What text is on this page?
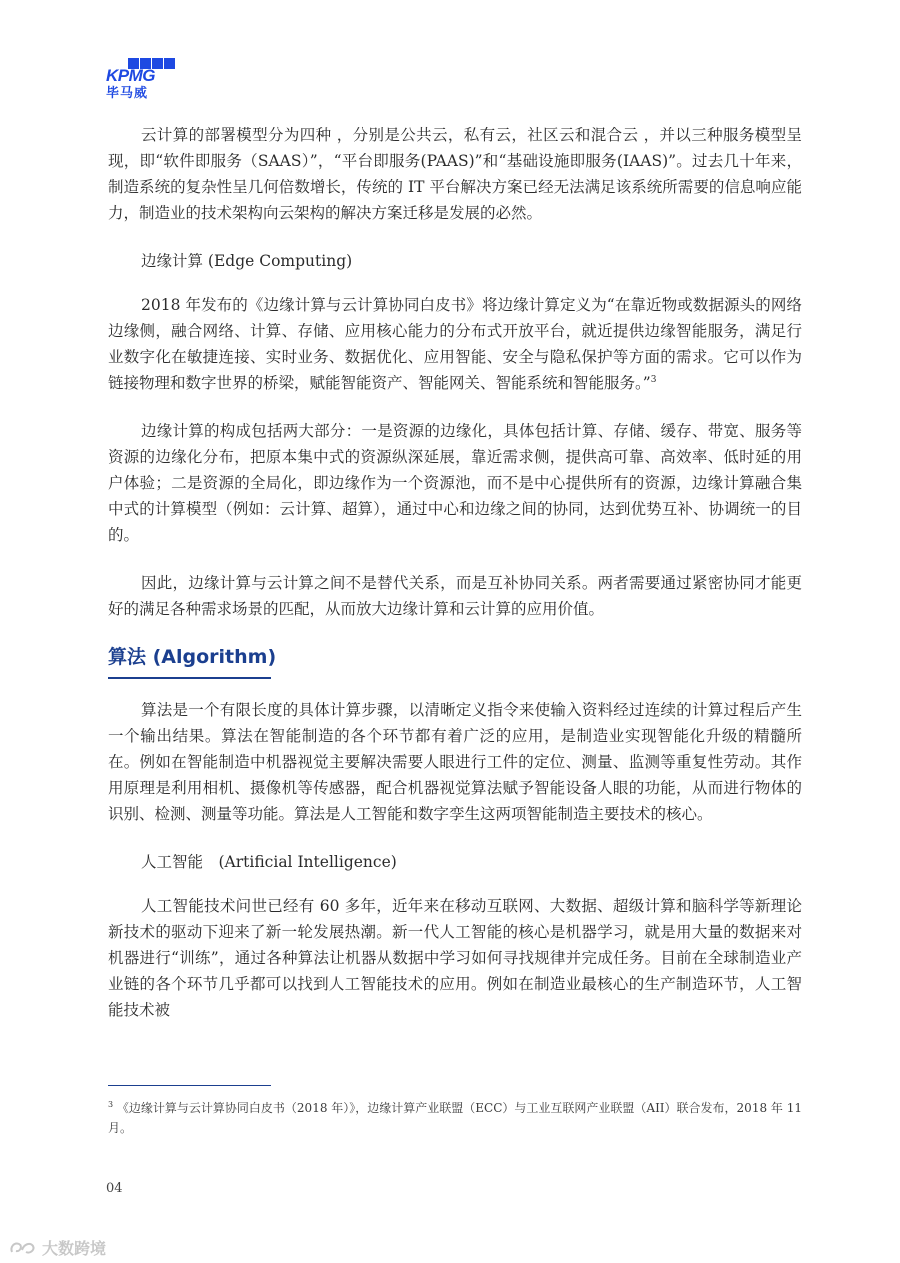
KPMG
毕马威

云计算的部署模型分为四种 ，分别是公共云，私有云，社区云和混合云 ，并以三种服务模型呈现，即“软件即服务（SAAS）”，“平台即服务(PAAS)”和“基础设施即服务(IAAS)”。过去几十年来，制造系统的复杂性呈几何倍数增长，传统的 IT 平台解决方案已经无法满足该系统所需要的信息响应能力，制造业的技术架构向云架构的解决方案迁移是发展的必然。

边缘计算 (Edge Computing)

2018 年发布的《边缘计算与云计算协同白皮书》将边缘计算定义为“在靠近物或数据源头的网络边缘侧，融合网络、计算、存储、应用核心能力的分布式开放平台，就近提供边缘智能服务，满足行业数字化在敏捷连接、实时业务、数据优化、应用智能、安全与隐私保护等方面的需求。它可以作为链接物理和数字世界的桥梁，赋能智能资产、智能网关、智能系统和智能服务。”$^3$

边缘计算的构成包括两大部分：一是资源的边缘化，具体包括计算、存储、缓存、带宽、服务等资源的边缘化分布，把原本集中式的资源纵深延展，靠近需求侧，提供高可靠、高效率、低时延的用户体验；二是资源的全局化，即边缘作为一个资源池，而不是中心提供所有的资源，边缘计算融合集中式的计算模型（例如：云计算、超算），通过中心和边缘之间的协同，达到优势互补、协调统一的目的。

因此，边缘计算与云计算之间不是替代关系，而是互补协同关系。两者需要通过紧密协同才能更好的满足各种需求场景的匹配，从而放大边缘计算和云计算的应用价值。

算法 (Algorithm)

算法是一个有限长度的具体计算步骤，以清晰定义指令来使输入资料经过连续的计算过程后产生一个输出结果。算法在智能制造的各个环节都有着广泛的应用，是制造业实现智能化升级的精髓所在。例如在智能制造中机器视觉主要解决需要人眼进行工件的定位、测量、监测等重复性劳动。其作用原理是利用相机、摄像机等传感器，配合机器视觉算法赋予智能设备人眼的功能，从而进行物体的识别、检测、测量等功能。算法是人工智能和数字孪生这两项智能制造主要技术的核心。

人工智能　(Artificial Intelligence)

人工智能技术问世已经有 60 多年，近年来在移动互联网、大数据、超级计算和脑科学等新理论新技术的驱动下迎来了新一轮发展热潮。新一代人工智能的核心是机器学习，就是用大量的数据来对机器进行“训练”，通过各种算法让机器从数据中学习如何寻找规律并完成任务。目前在全球制造业产业链的各个环节几乎都可以找到人工智能技术的应用。例如在制造业最核心的生产制造环节，人工智能技术被

$^3$ 《边缘计算与云计算协同白皮书（2018 年）》，边缘计算产业联盟（ECC）与工业互联网产业联盟（AII）联合发布，2018 年 11 月。
04
大数跨境
